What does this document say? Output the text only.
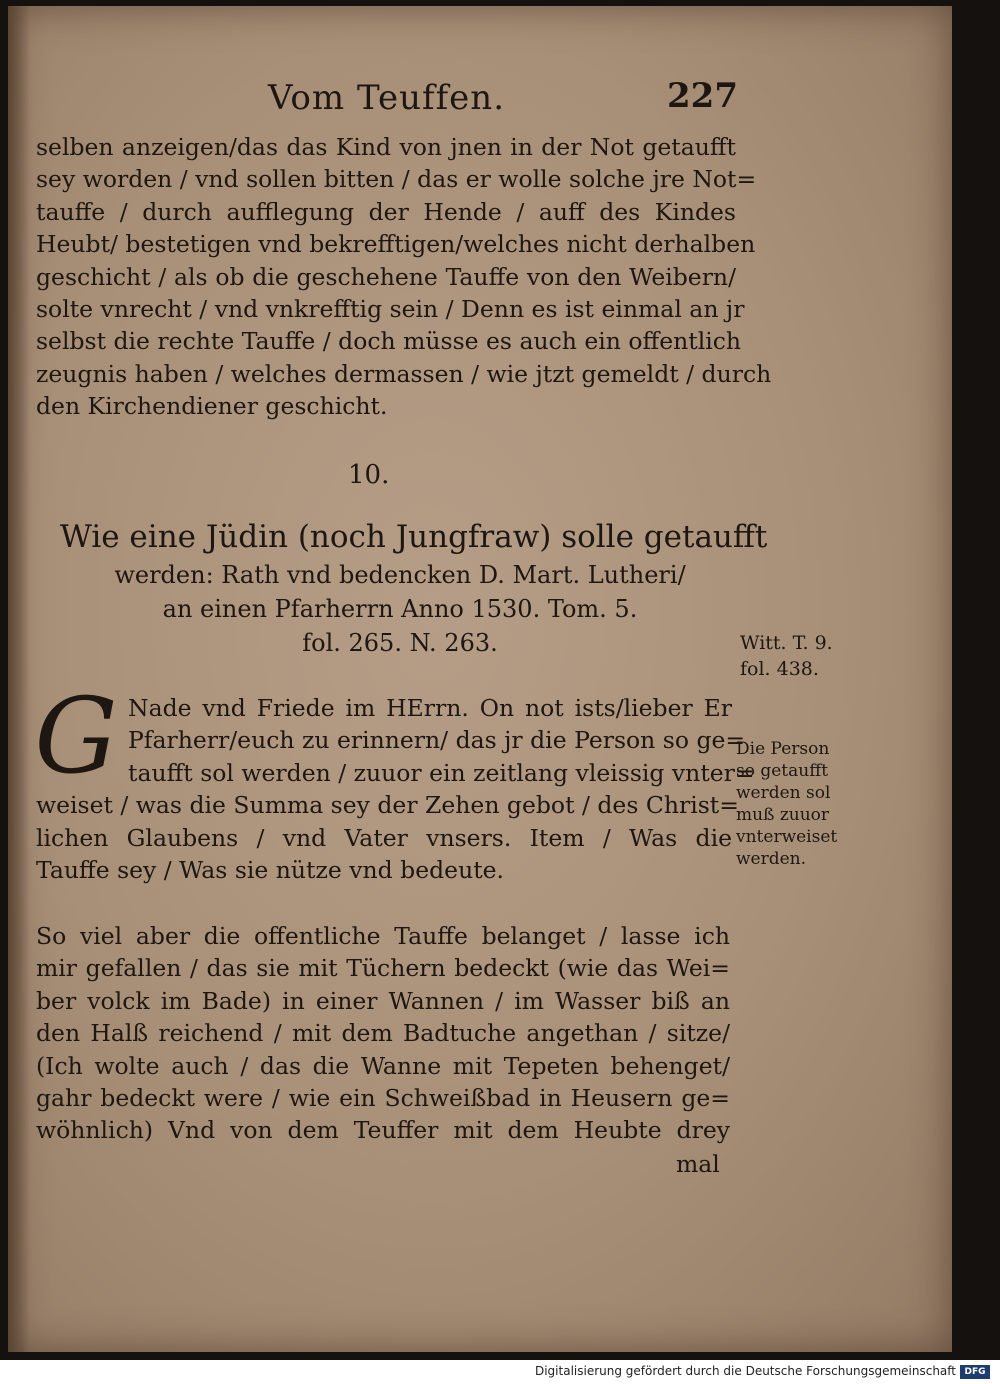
Vom Teuffen.	227
selben anzeigen/das das Kind von jnen in der Not getaufft
sey worden / vnd sollen bitten / das er wolle solche jre Not=
tauffe / durch aufflegung der Hende / auff des Kindes
Heubt/ bestetigen vnd bekrefftigen/welches nicht derhalben
geschicht / als ob die geschehene Tauffe von den Weibern/
solte vnrecht / vnd vnkrefftig sein / Denn es ist einmal an jr
selbst die rechte Tauffe / doch müsse es auch ein offentlich
zeugnis haben / welches dermassen / wie jtzt gemeldt / durch
den Kirchendiener geschicht.
10.
Wie eine Jüdin (noch Jungfraw) solle getaufft
werden: Rath vnd bedencken D. Mart. Lutheri/
an einen Pfarherrn Anno 1530. Tom. 5.
fol. 265. N. 263.	Witt. T. 9.
fol. 438.
Die Person
so getaufft
werden sol
muß zuuor
vnterweiset
werden.
G Nade vnd Friede im HErrn. On not ists/lieber Er
Pfarherr/euch zu erinnern/ das jr die Person so ge=
taufft sol werden / zuuor ein zeitlang vleissig vnter=
weiset / was die Summa sey der Zehen gebot / des Christ=
lichen Glaubens / vnd Vater vnsers. Item / Was die
Tauffe sey / Was sie nütze vnd bedeute.
So viel aber die offentliche Tauffe belanget / lasse ich
mir gefallen / das sie mit Tüchern bedeckt (wie das Wei=
ber volck im Bade) in einer Wannen / im Wasser biß an
den Halß reichend / mit dem Badtuche angethan / sitze/
(Ich wolte auch / das die Wanne mit Tepeten behenget/
gahr bedeckt were / wie ein Schweißbad in Heusern ge=
wöhnlich) Vnd von dem Teuffer mit dem Heubte drey
mal
Digitalisierung gefördert durch die Deutsche Forschungsgemeinschaft DFG
